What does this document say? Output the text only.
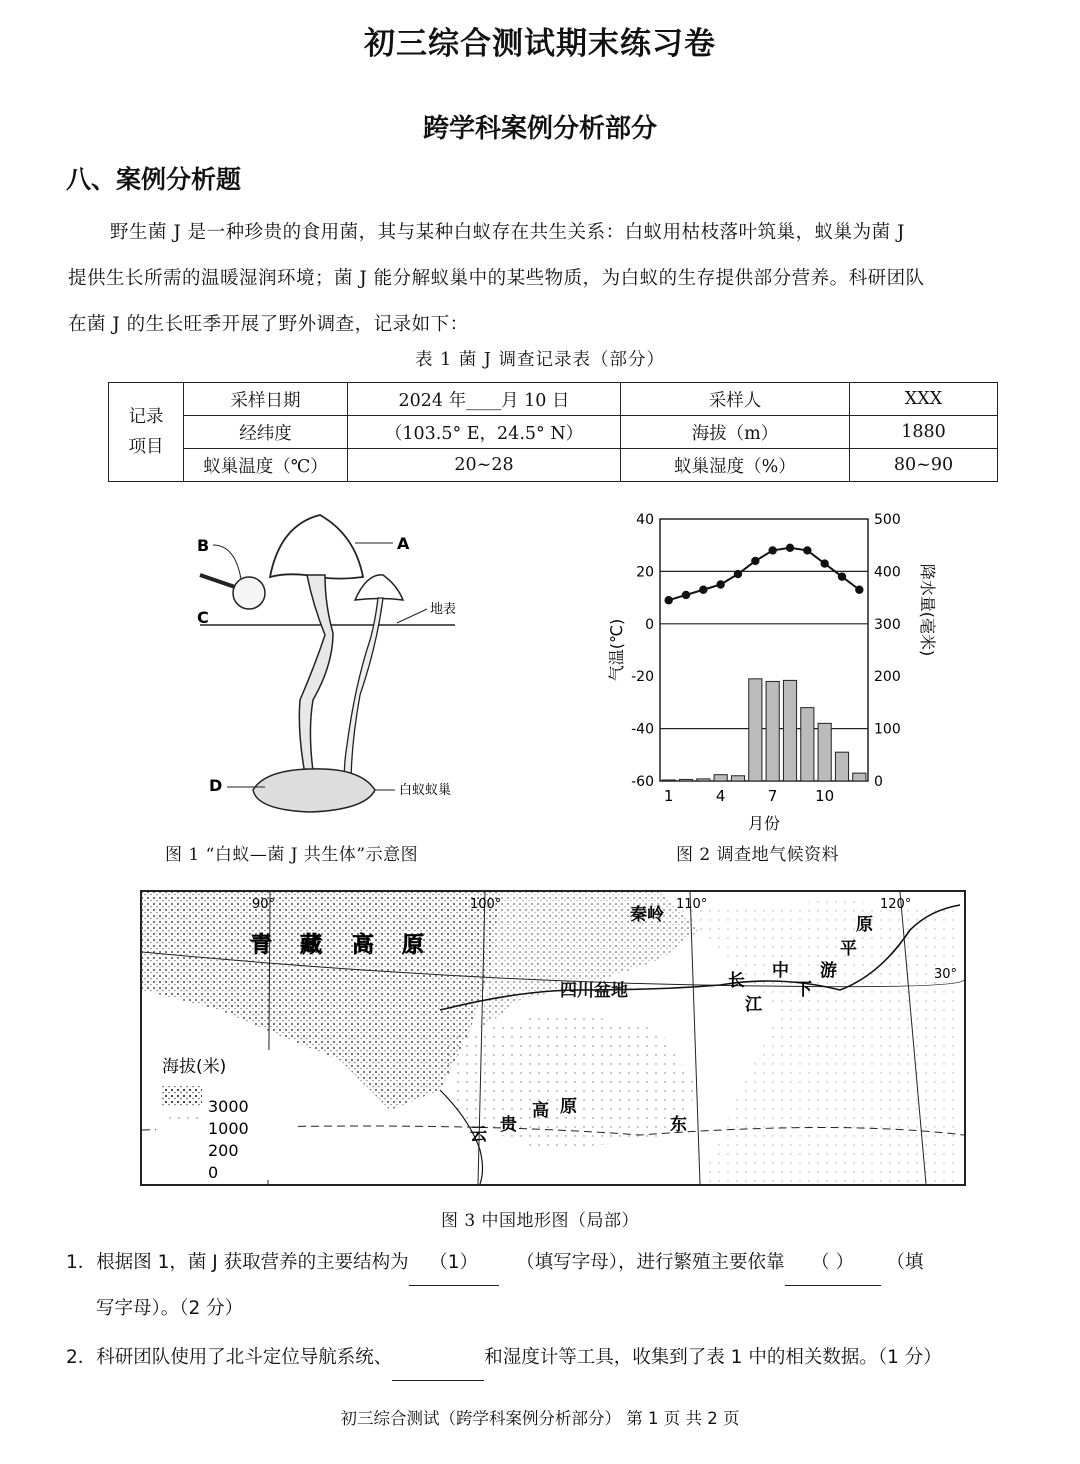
初三综合测试期末练习卷
跨学科案例分析部分
八、案例分析题
野生菌 J 是一种珍贵的食用菌，其与某种白蚁存在共生关系：白蚁用枯枝落叶筑巢，蚁巢为菌 J
提供生长所需的温暖湿润环境；菌 J 能分解蚁巢中的某些物质，为白蚁的生存提供部分营养。科研团队
在菌 J 的生长旺季开展了野外调查，记录如下：
表 1 菌 J 调查记录表（部分）
记录
项目	采样日期	2024 年____月 10 日	采样人	XXX
	经纬度	（103.5° E，24.5° N）	海拔（m）	1880
	蚁巢温度（℃）	20~28	蚁巢湿度（%）	80~90
B	A
C	地表
D	白蚁蚁巢
图 1 “白蚁—菌 J 共生体”示意图
40
20
0
-20
-40
-60
500
400
300
200
100
0
1	4	7	10
月份
气温(℃)	降水量(毫米)
图 2 调查地气候资料
海拔(米)
3000
1000
200
0
青 藏 高 原
四川盆地
云 贵
高 原
秦岭
长
江
中
下
游
平
原
东
90°	100°	110°	120°
30°
图 3 中国地形图（局部）
1．根据图 1，菌 J 获取营养的主要结构为 （1） （填写字母），进行繁殖主要依靠 （ ） （填
写字母）。（2 分）
2．科研团队使用了北斗定位导航系统、	和湿度计等工具，收集到了表 1 中的相关数据。（1 分）
初三综合测试（跨学科案例分析部分） 第 1 页 共 2 页
